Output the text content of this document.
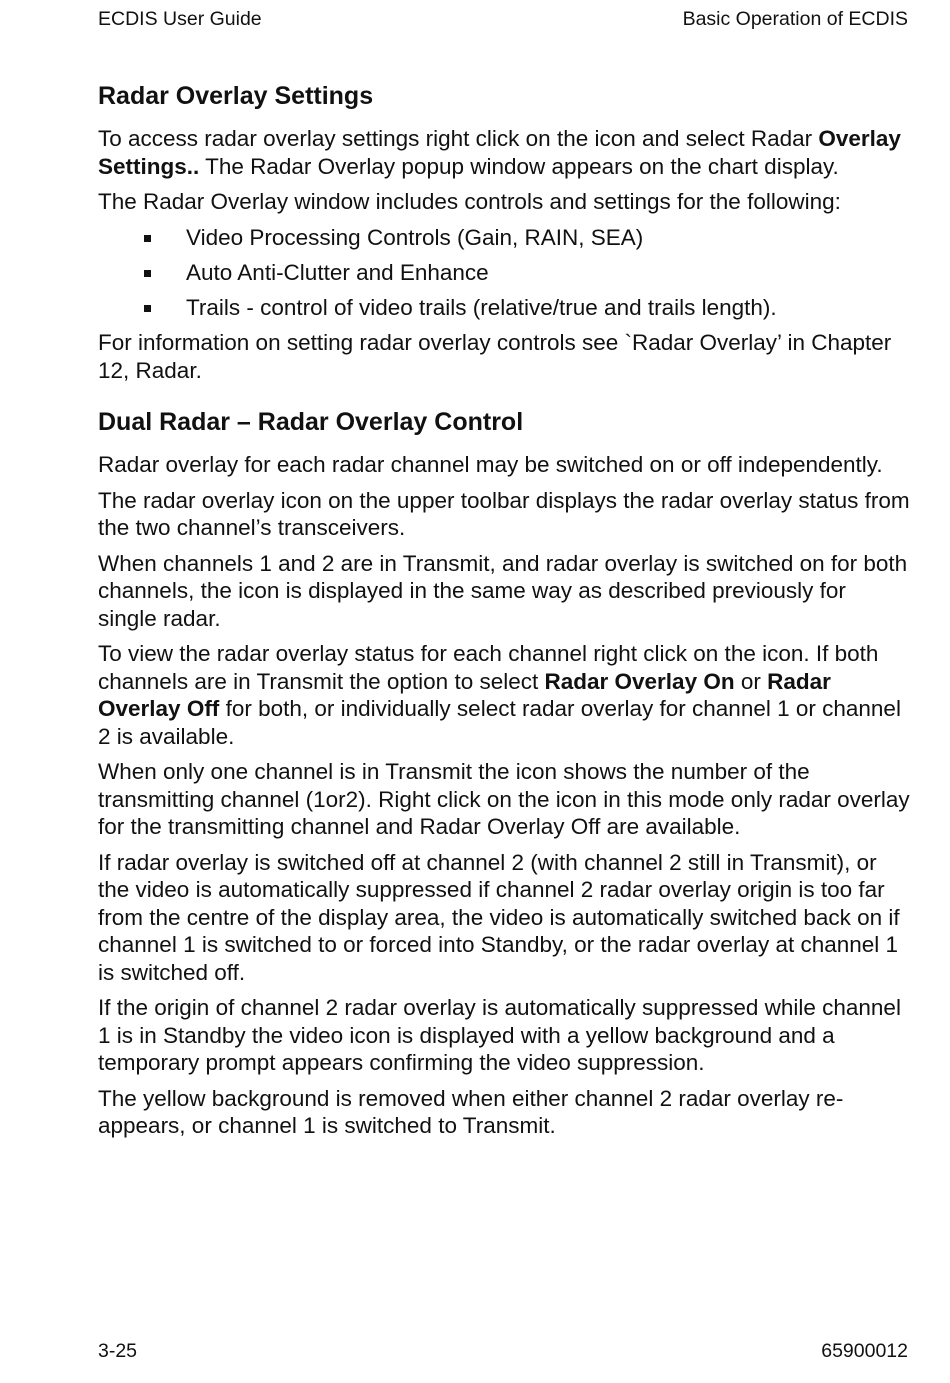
ECDIS User Guide	Basic Operation of ECDIS
Radar Overlay Settings

To access radar overlay settings right click on the icon and select Radar Overlay Settings.. The Radar Overlay popup window appears on the chart display.

The Radar Overlay window includes controls and settings for the following:

Video Processing Controls (Gain, RAIN, SEA)
Auto Anti-Clutter and Enhance
Trails - control of video trails (relative/true and trails length).

For information on setting radar overlay controls see `Radar Overlay’ in Chapter 12, Radar.

Dual Radar – Radar Overlay Control

Radar overlay for each radar channel may be switched on or off independently.

The radar overlay icon on the upper toolbar displays the radar overlay status from the two channel’s transceivers.

When channels 1 and 2 are in Transmit, and radar overlay is switched on for both channels, the icon is displayed in the same way as described previously for single radar.

To view the radar overlay status for each channel right click on the icon. If both channels are in Transmit the option to select Radar Overlay On or Radar Overlay Off for both, or individually select radar overlay for channel 1 or channel 2 is available.

When only one channel is in Transmit the icon shows the number of the transmitting channel (1or2). Right click on the icon in this mode only radar overlay for the transmitting channel and Radar Overlay Off are available.

If radar overlay is switched off at channel 2 (with channel 2 still in Transmit), or the video is automatically suppressed if channel 2 radar overlay origin is too far from the centre of the display area, the video is automatically switched back on if channel 1 is switched to or forced into Standby, or the radar overlay at channel 1 is switched off.

If the origin of channel 2 radar overlay is automatically suppressed while channel 1 is in Standby the video icon is displayed with a yellow background and a temporary prompt appears confirming the video suppression.

The yellow background is removed when either channel 2 radar overlay re-appears, or channel 1 is switched to Transmit.

3-25	65900012
